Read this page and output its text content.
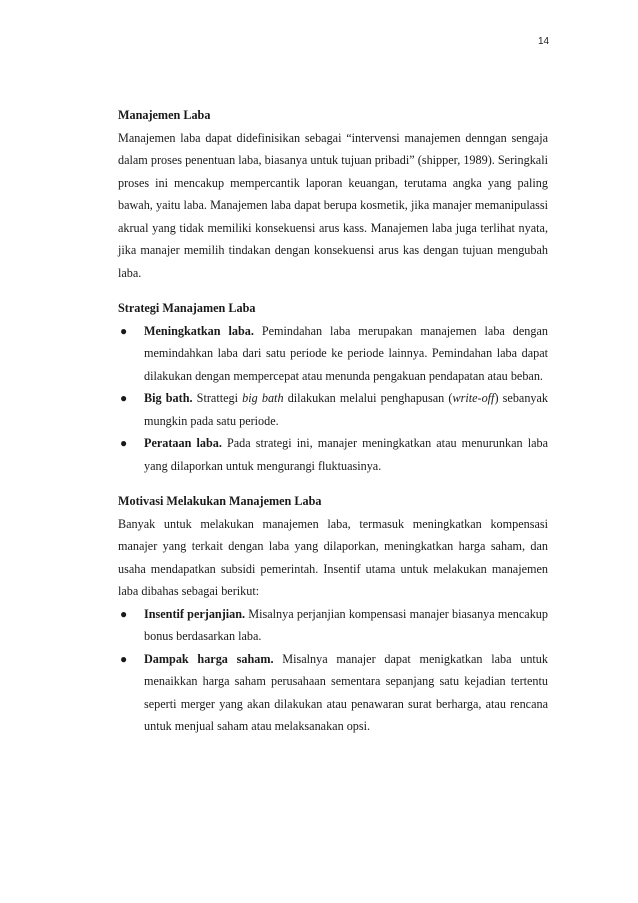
14
Manajemen Laba

Manajemen laba dapat didefinisikan sebagai “intervensi manajemen denngan sengaja dalam proses penentuan laba, biasanya untuk tujuan pribadi” (shipper, 1989). Seringkali proses ini mencakup mempercantik laporan keuangan, terutama angka yang paling bawah, yaitu laba. Manajemen laba dapat berupa kosmetik, jika manajer memanipulassi akrual yang tidak memiliki konsekuensi arus kass. Manajemen laba juga terlihat nyata, jika manajer memilih tindakan dengan konsekuensi arus kas dengan tujuan mengubah laba.

Strategi Manajamen Laba
● Meningkatkan laba. Pemindahan laba merupakan manajemen laba dengan memindahkan laba dari satu periode ke periode lainnya. Pemindahan laba dapat dilakukan dengan mempercepat atau menunda pengakuan pendapatan atau beban.
● Big bath. Strattegi big bath dilakukan melalui penghapusan (write-off) sebanyak mungkin pada satu periode.
● Perataan laba. Pada strategi ini, manajer meningkatkan atau menurunkan laba yang dilaporkan untuk mengurangi fluktuasinya.
Motivasi Melakukan Manajemen Laba

Banyak untuk melakukan manajemen laba, termasuk meningkatkan kompensasi manajer yang terkait dengan laba yang dilaporkan, meningkatkan harga saham, dan usaha mendapatkan subsidi pemerintah. Insentif utama untuk melakukan manajemen laba dibahas sebagai berikut:

● Insentif perjanjian. Misalnya perjanjian kompensasi manajer biasanya mencakup bonus berdasarkan laba.
● Dampak harga saham. Misalnya manajer dapat menigkatkan laba untuk menaikkan harga saham perusahaan sementara sepanjang satu kejadian tertentu seperti merger yang akan dilakukan atau penawaran surat berharga, atau rencana untuk menjual saham atau melaksanakan opsi.
